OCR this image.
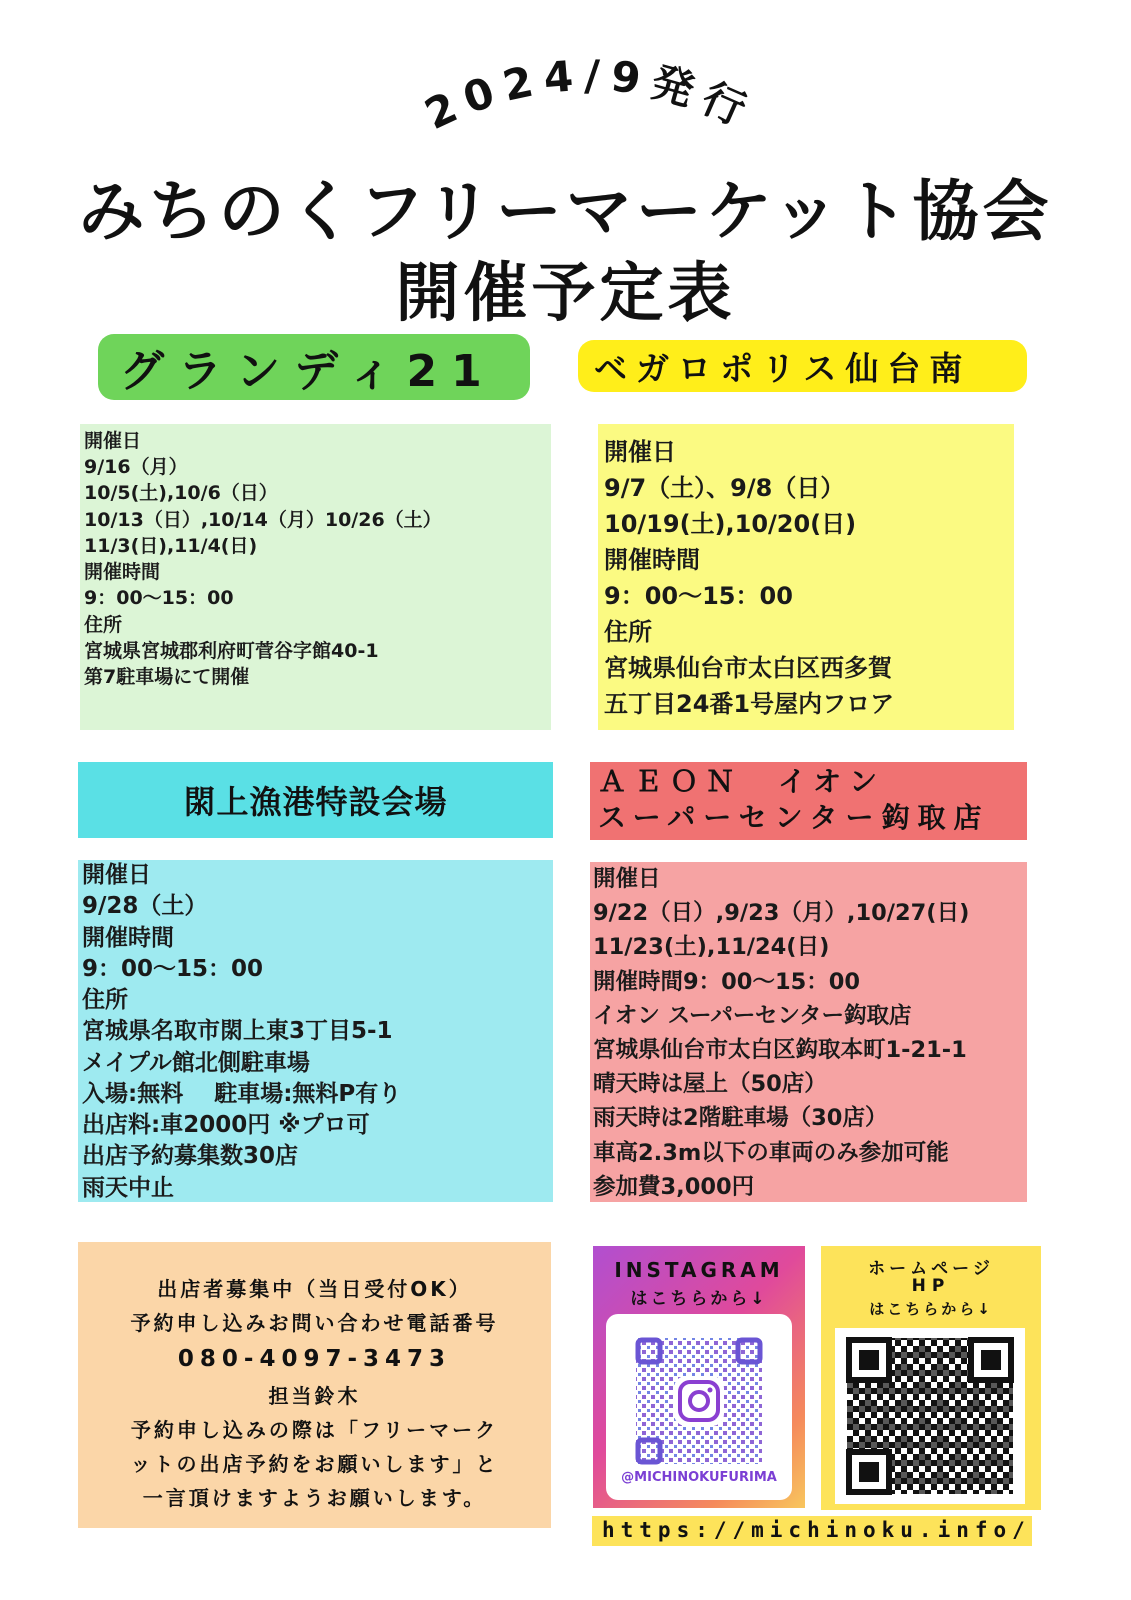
2024/9発行
みちのくフリーマーケット協会
開催予定表
グランディ21
開催日
9/16（月）
10/5(土),10/6（日）
10/13（日）,10/14（月）10/26（土）
11/3(日),11/4(日)
開催時間
9：00〜15：00
住所
宮城県宮城郡利府町菅谷字館40-1
第7駐車場にて開催
ベガロポリス仙台南
開催日
9/7（土）、9/8（日）
10/19(土),10/20(日)
開催時間
9：00〜15：00
住所
宮城県仙台市太白区西多賀
五丁目24番1号屋内フロア
閖上漁港特設会場
開催日
9/28（土）
開催時間
9：00〜15：00
住所
宮城県名取市閖上東3丁目5-1
メイプル館北側駐車場
入場:無料　 駐車場:無料P有り
出店料:車2000円 ※プロ可
出店予約募集数30店
雨天中止
ＡＥＯＮ　イオン
スーパーセンター鈎取店
開催日
9/22（日）,9/23（月）,10/27(日)
11/23(土),11/24(日)
開催時間9：00〜15：00
イオン スーパーセンター鈎取店
宮城県仙台市太白区鈎取本町1-21-1
晴天時は屋上（50店）
雨天時は2階駐車場（30店）
車高2.3m以下の車両のみ参加可能
参加費3,000円
出店者募集中（当日受付OK）
予約申し込みお問い合わせ電話番号
080-4097-3473
担当鈴木
予約申し込みの際は「フリーマーク
ットの出店予約をお願いします」と
一言頂けますようお願いします。
INSTAGRAM
はこちらから↓
@MICHINOKUFURIMA
ホームページ
HP
はこちらから↓
https://michinoku.info/
